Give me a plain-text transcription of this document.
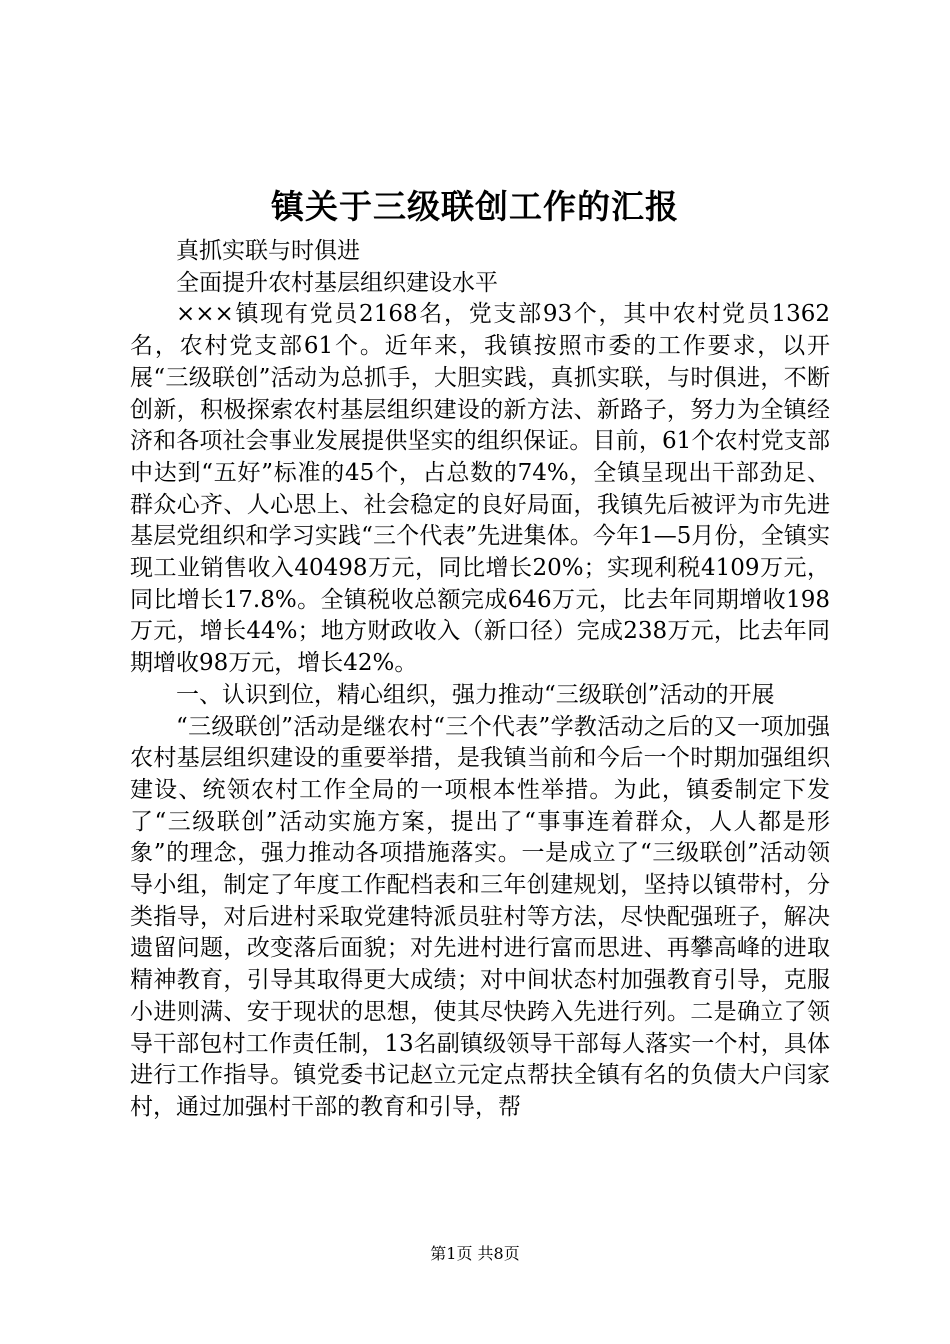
镇关于三级联创工作的汇报

真抓实联与时俱进

全面提升农村基层组织建设水平

×××镇现有党员2168名，党支部93个，其中农村党员1362名，农村党支部61个。近年来，我镇按照市委的工作要求，以开展“三级联创”活动为总抓手，大胆实践，真抓实联，与时俱进，不断创新，积极探索农村基层组织建设的新方法、新路子，努力为全镇经济和各项社会事业发展提供坚实的组织保证。目前，61个农村党支部中达到“五好”标准的45个，占总数的74%，全镇呈现出干部劲足、群众心齐、人心思上、社会稳定的良好局面，我镇先后被评为市先进基层党组织和学习实践“三个代表”先进集体。今年1—5月份，全镇实现工业销售收入40498万元，同比增长20%；实现利税4109万元，同比增长17.8%。全镇税收总额完成646万元，比去年同期增收198万元，增长44%；地方财政收入（新口径）完成238万元，比去年同期增收98万元，增长42%。

一、认识到位，精心组织，强力推动“三级联创”活动的开展

“三级联创”活动是继农村“三个代表”学教活动之后的又一项加强农村基层组织建设的重要举措，是我镇当前和今后一个时期加强组织建设、统领农村工作全局的一项根本性举措。为此，镇委制定下发了“三级联创”活动实施方案，提出了“事事连着群众，人人都是形象”的理念，强力推动各项措施落实。一是成立了“三级联创”活动领导小组，制定了年度工作配档表和三年创建规划，坚持以镇带村，分类指导，对后进村采取党建特派员驻村等方法，尽快配强班子，解决遗留问题，改变落后面貌；对先进村进行富而思进、再攀高峰的进取精神教育，引导其取得更大成绩；对中间状态村加强教育引导，克服小进则满、安于现状的思想，使其尽快跨入先进行列。二是确立了领导干部包村工作责任制，13名副镇级领导干部每人落实一个村，具体进行工作指导。镇党委书记赵立元定点帮扶全镇有名的负债大户闫家村，通过加强村干部的教育和引导，帮

第1页 共8页
